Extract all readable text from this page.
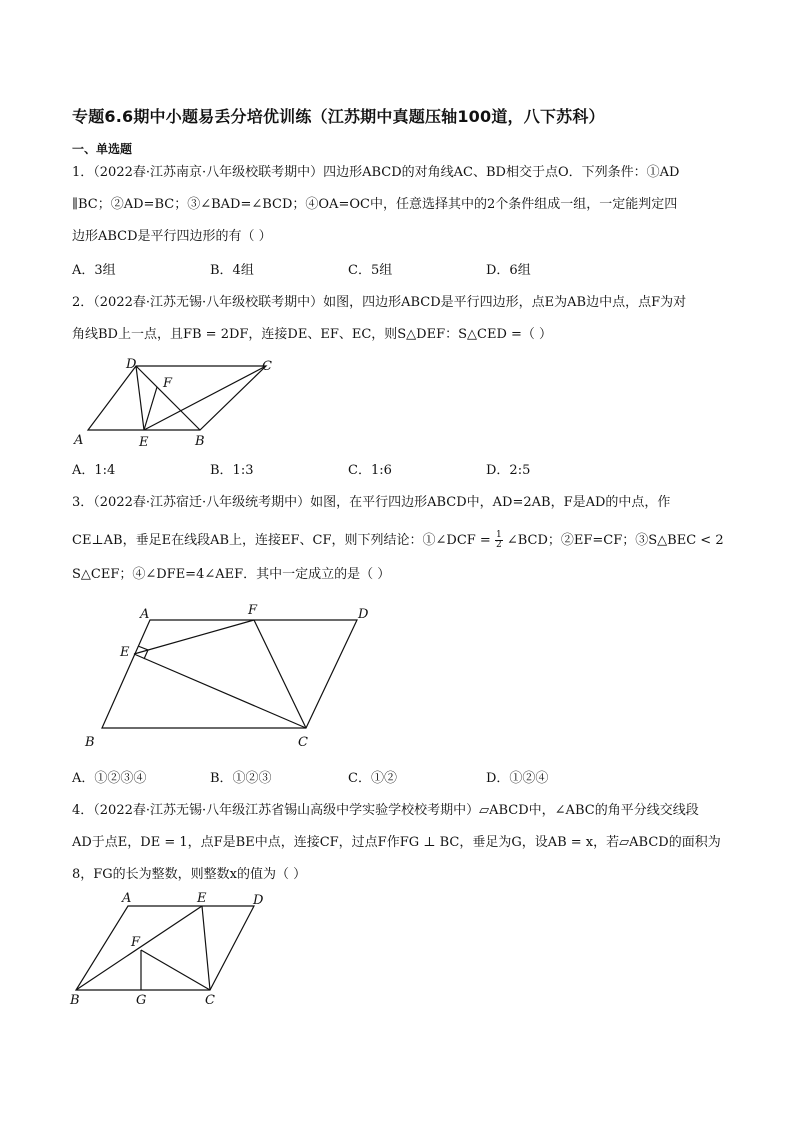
专题6.6期中小题易丢分培优训练（江苏期中真题压轴100道，八下苏科）
一、单选题
1．（2022春·江苏南京·八年级校联考期中）四边形ABCD的对角线AC、BD相交于点O．下列条件：①AD
∥BC；②AD=BC；③∠BAD=∠BCD；④OA=OC中，任意选择其中的2个条件组成一组，一定能判定四
边形ABCD是平行四边形的有（ ）
A．3组	B．4组	C．5组	D．6组
2．（2022春·江苏无锡·八年级校联考期中）如图，四边形ABCD是平行四边形，点E为AB边中点，点F为对
角线BD上一点，且FB = 2DF，连接DE、EF、EC，则S△DEF：S△CED =（ ）
A	B
C
D
E
F
A．1:4	B．1:3	C．1:6	D．2:5
3．（2022春·江苏宿迁·八年级统考期中）如图，在平行四边形ABCD中，AD=2AB，F是AD的中点，作
CE⊥AB，垂足E在线段AB上，连接EF、CF，则下列结论：①∠DCF = $\frac{1}{2}$ ∠BCD；②EF=CF；③S△BEC < 2
S△CEF；④∠DFE=4∠AEF．其中一定成立的是（ ）
A
B	C
D
E
F
A．①②③④	B．①②③	C．①②	D．①②④
4．（2022春·江苏无锡·八年级江苏省锡山高级中学实验学校校考期中）▱ABCD中，∠ABC的角平分线交线段
AD于点E，DE = 1，点F是BE中点，连接CF，过点F作FG ⊥ BC，垂足为G，设AB = x，若▱ABCD的面积为
8，FG的长为整数，则整数x的值为（ ）
A
B	C
D
E
F
G
